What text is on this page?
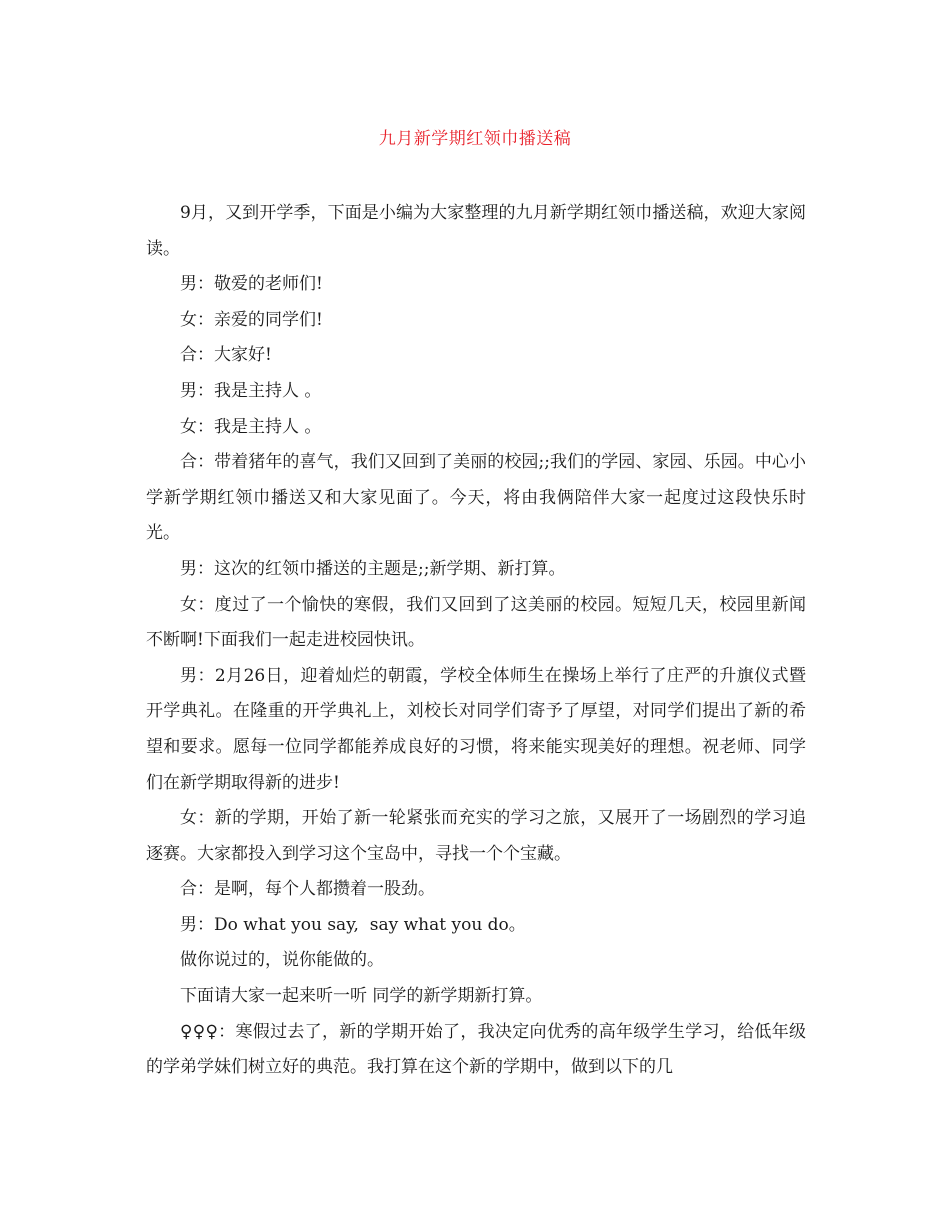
九月新学期红领巾播送稿

9月，又到开学季，下面是小编为大家整理的九月新学期红领巾播送稿，欢迎大家阅读。

男：敬爱的老师们!

女：亲爱的同学们!

合：大家好!

男：我是主持人 。

女：我是主持人 。

合：带着猪年的喜气，我们又回到了美丽的校园;;我们的学园、家园、乐园。中心小学新学期红领巾播送又和大家见面了。今天，将由我俩陪伴大家一起度过这段快乐时光。

男：这次的红领巾播送的主题是;;新学期、新打算。

女：度过了一个愉快的寒假，我们又回到了这美丽的校园。短短几天，校园里新闻不断啊!下面我们一起走进校园快讯。

男：2月26日，迎着灿烂的朝霞，学校全体师生在操场上举行了庄严的升旗仪式暨开学典礼。在隆重的开学典礼上，刘校长对同学们寄予了厚望，对同学们提出了新的希望和要求。愿每一位同学都能养成良好的习惯，将来能实现美好的理想。祝老师、同学们在新学期取得新的进步!

女：新的学期，开始了新一轮紧张而充实的学习之旅，又展开了一场剧烈的学习追逐赛。大家都投入到学习这个宝岛中，寻找一个个宝藏。

合：是啊，每个人都攒着一股劲。

男：Do what you say,  say what you do。

做你说过的，说你能做的。

下面请大家一起来听一听 同学的新学期新打算。

♀♀♀：寒假过去了，新的学期开始了，我决定向优秀的高年级学生学习，给低年级的学弟学妹们树立好的典范。我打算在这个新的学期中，做到以下的几
